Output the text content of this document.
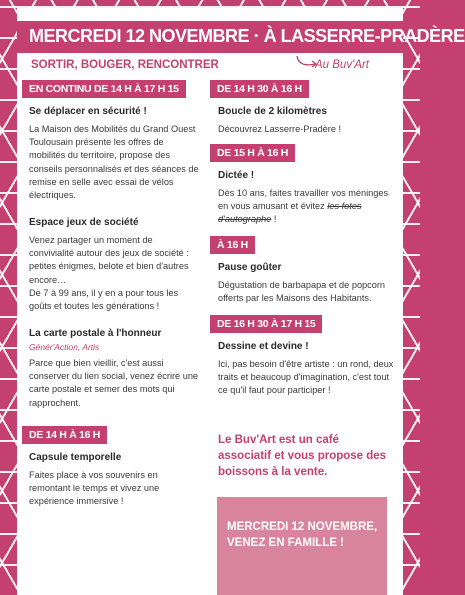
MERCREDI 12 NOVEMBRE · À LASSERRE-PRADÈRE
SORTIR, BOUGER, RENCONTRER	Au Buv'Art
EN CONTINU DE 14 H À 17 H 15

Se déplacer en sécurité !

La Maison des Mobilités du Grand Ouest Toulousain présente les offres de mobilités du territoire, propose des conseils personnalisés et des séances de remise en selle avec essai de vélos électriques.

Espace jeux de société

Venez partager un moment de convivialité autour des jeux de société : petites énigmes, belote et bien d'autres encore…

De 7 à 99 ans, il y en a pour tous les goûts et toutes les générations !

La carte postale à l'honneur

Génér'Action, Artis

Parce que bien vieillir, c'est aussi conserver du lien social, venez écrire une carte postale et semer des mots qui rapprochent.

DE 14 H À 16 H

Capsule temporelle

Faites place à vos souvenirs en remontant le temps et vivez une expérience immersive !

DE 14 H 30 À 16 H

Boucle de 2 kilomètres

Découvrez Lasserre-Pradère !

DE 15 H À 16 H

Dictée !

Dès 10 ans, faites travailler vos méninges en vous amusant et évitez les fotes d'autographe !

À 16 H

Pause goûter

Dégustation de barbapapa et de popcorn offerts par les Maisons des Habitants.

DE 16 H 30 À 17 H 15

Dessine et devine !

Ici, pas besoin d'être artiste : un rond, deux traits et beaucoup d'imagination, c'est tout ce qu'il faut pour participer !

Le Buv'Art est un café associatif et vous propose des boissons à la vente.
MERCREDI 12 NOVEMBRE, VENEZ EN FAMILLE !
